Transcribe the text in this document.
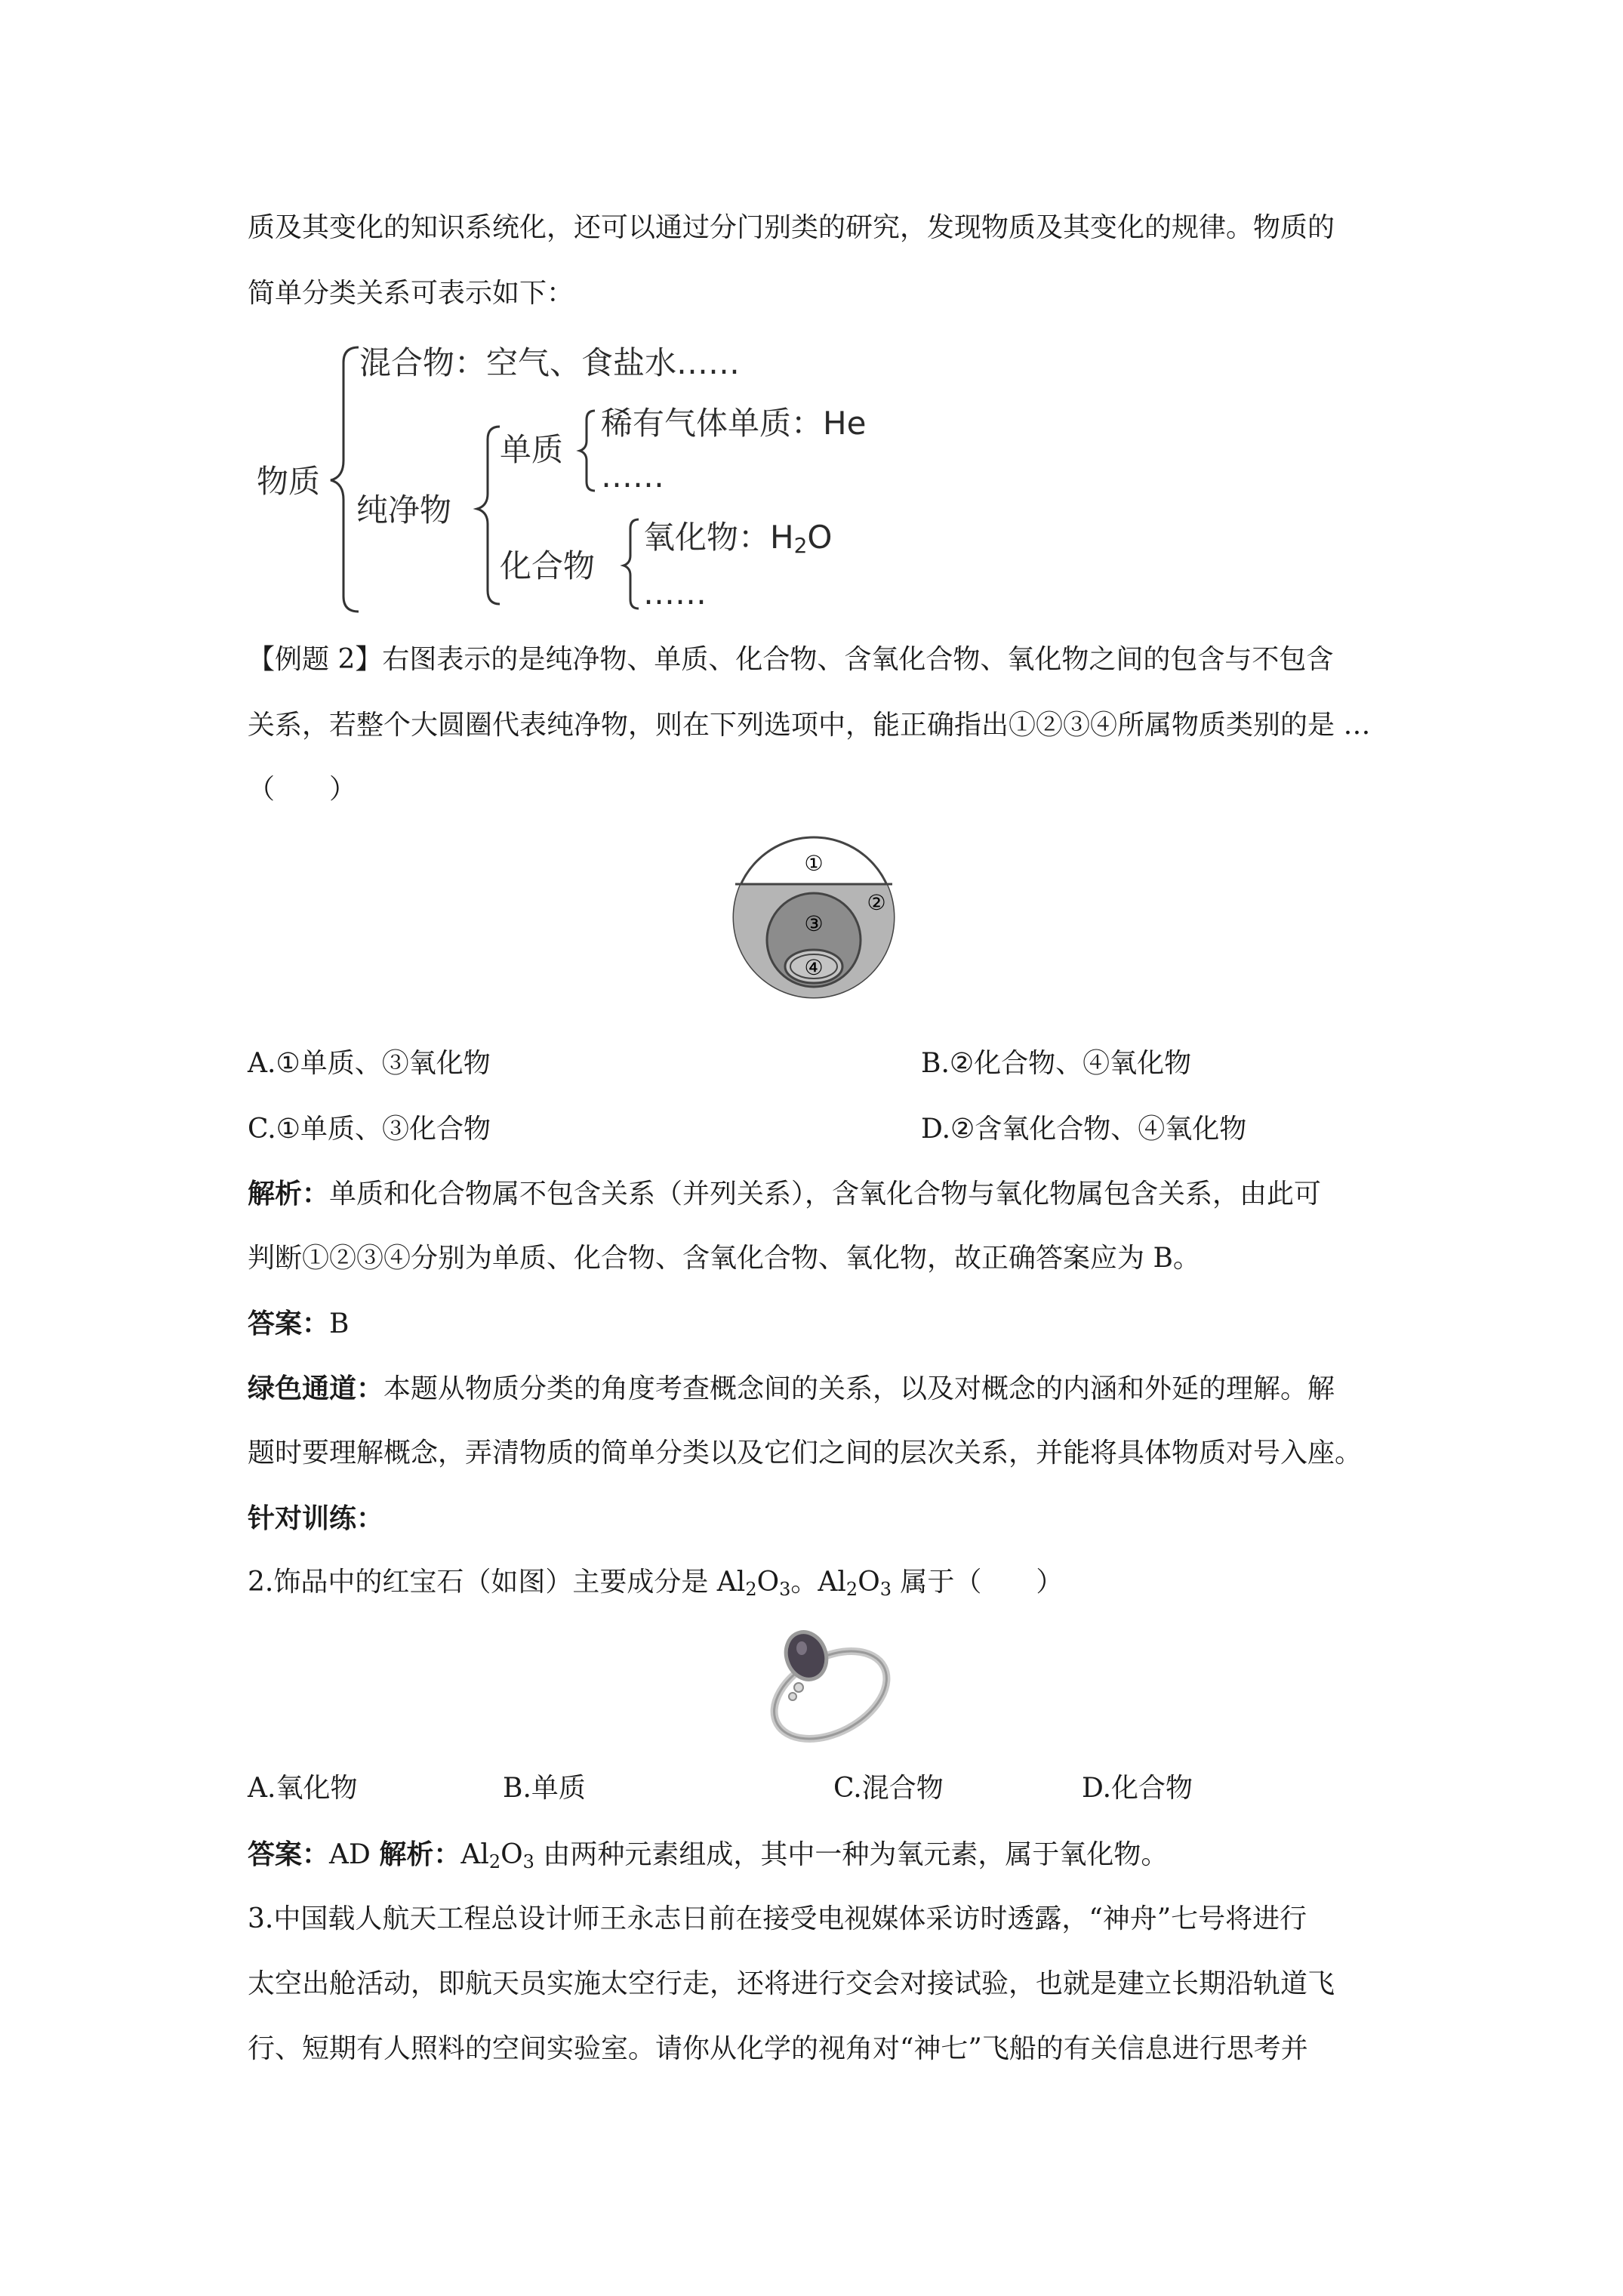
质及其变化的知识系统化，还可以通过分门别类的研究，发现物质及其变化的规律。物质的
简单分类关系可表示如下：
物质
混合物：空气、食盐水……
纯净物
单质
稀有气体单质：He
……
化合物
氧化物：$H_2O$
……
【例题 2】右图表示的是纯净物、单质、化合物、含氧化合物、氧化物之间的包含与不包含
关系，若整个大圆圈代表纯净物，则在下列选项中，能正确指出①②③④所属物质类别的是 …
（　　）
①
②
③
④
A.①单质、③氧化物	B.②化合物、④氧化物
C.①单质、③化合物	D.②含氧化合物、④氧化物
解析：单质和化合物属不包含关系（并列关系），含氧化合物与氧化物属包含关系，由此可
判断①②③④分别为单质、化合物、含氧化合物、氧化物，故正确答案应为 B。
答案：B
绿色通道：本题从物质分类的角度考查概念间的关系，以及对概念的内涵和外延的理解。解
题时要理解概念，弄清物质的简单分类以及它们之间的层次关系，并能将具体物质对号入座。
针对训练：
2.饰品中的红宝石（如图）主要成分是 $Al_2O_3$。$Al_2O_3$ 属于（　　）
A.氧化物	B.单质	C.混合物	D.化合物
答案：AD 解析：$Al_2O_3$ 由两种元素组成，其中一种为氧元素，属于氧化物。
3.中国载人航天工程总设计师王永志日前在接受电视媒体采访时透露，“神舟”七号将进行
太空出舱活动，即航天员实施太空行走，还将进行交会对接试验，也就是建立长期沿轨道飞
行、短期有人照料的空间实验室。请你从化学的视角对“神七”飞船的有关信息进行思考并
